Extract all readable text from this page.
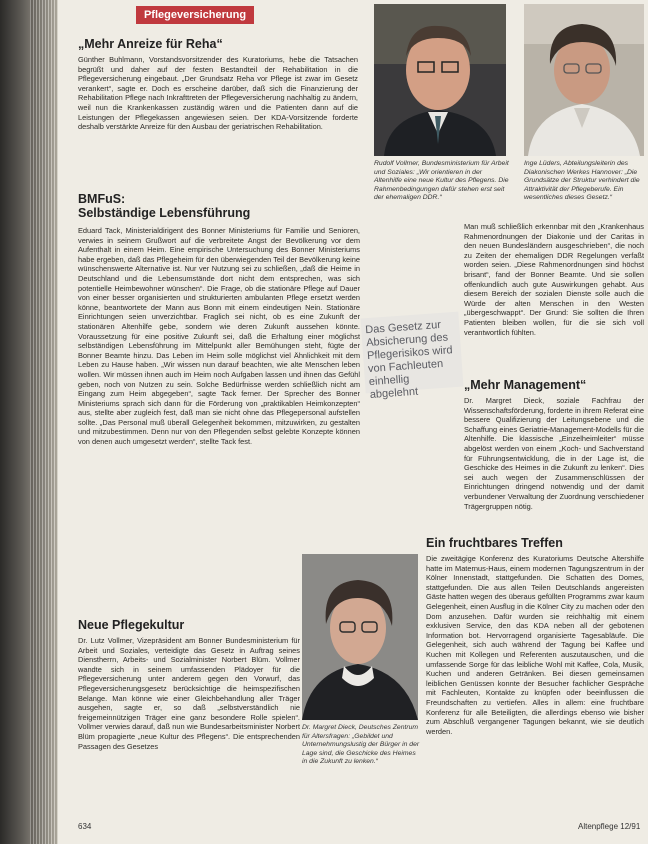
Pflegeversicherung
„Mehr Anreize für Reha“

Günther Buhlmann, Vorstandsvorsitzender des Kuratoriums, hebe die Tatsachen begrüßt und daher auf der festen Bestandteil der Rehabilitation in die Pflegeversicherung eingebaut. „Der Grundsatz Reha vor Pflege ist zwar im Gesetz verankert“, sagte er. Doch es erscheine darüber, daß sich die Finanzierung der Rehabilitation Pflege nach Inkrafttreten der Pflegeversicherung nachhaltig zu ändern, weil nun die Krankenkassen zuständig wären und die Patienten dann auf die Leistungen der Pflegekassen angewiesen seien. Der KDA-Vorsitzende forderte deshalb verstärkte Anreize für den Ausbau der geriatrischen Rehabilitation.

BMFuS:
Selbständige Lebensführung

Eduard Tack, Ministerialdirigent des Bonner Ministeriums für Familie und Senioren, verwies in seinem Grußwort auf die verbreitete Angst der Bevölkerung vor dem Aufenthalt in einem Heim. Eine empirische Untersuchung des Bonner Ministeriums habe ergeben, daß das Pflegeheim für den überwiegenden Teil der Bevölkerung keine wünschenswerte Alternative ist. Nur ver Nutzung sei zu schließen, „daß die Heime in Deutschland und die Lebensumstände dort nicht dem entsprechen, was sich potentielle Heimbewohner wünschen“. Die Frage, ob die stationäre Pflege auf Dauer von einer besser organisierten und strukturierten ambulanten Pflege ersetzt werden könne, beantwortete der Mann aus Bonn mit einem eindeutigen Nein. Stationäre Einrichtungen seien unverzichtbar. Fraglich sei nicht, ob es eine Zukunft der stationären Altenhilfe gebe, sondern wie deren Zukunft aussehen könnte. Voraussetzung für eine positive Zukunft sei, daß die Erhaltung einer möglichst selbständigen Lebensführung im Mittelpunkt aller Bemühungen steht, fügte der Bonner Beamte hinzu. Das Leben im Heim solle möglichst viel Ähnlichkeit mit dem Leben zu Hause haben. „Wir wissen nun darauf beachten, wie alte Menschen leben wollen. Wir müssen ihnen auch im Heim noch Aufgaben lassen und ihnen das Gefühl geben, noch von Nutzen zu sein. Solche Bedürfnisse werden schließlich nicht am Eingang zum Heim abgegeben“, sagte Tack ferner. Der Sprecher des Bonner Ministeriums sprach sich dann für die Förderung von „praktikablen Heimkonzepten“ aus, stellte aber zugleich fest, daß man sie nicht ohne das Pflegepersonal aufstellen sollte. „Das Personal muß überall Gelegenheit bekommen, mitzuwirken, zu gestalten und mitzubestimmen. Denn nur von den Pflegenden selbst gelebte Konzepte können von denen auch umgesetzt werden“, stellte Tack fest.

Neue Pflegekultur

Dr. Lutz Vollmer, Vizepräsident am Bonner Bundesministerium für Arbeit und Soziales, verteidigte das Gesetz in Auftrag seines Dienstherrn, Arbeits- und Sozialminister Norbert Blüm. Vollmer wandte sich in seinem umfassenden Plädoyer für die Pflegeversicherung unter anderem gegen den Vorwurf, das Pflegeversicherungsgesetz berücksichtige die heimspezifischen Belange. Man könne wie einer Gleichbehandlung aller Träger ausgehen, sagte er, so daß „selbstverständlich nie freigemeinnützigen Träger eine ganz besondere Rolle spielen“. Vollmer verwies darauf, daß nun wie Bundesarbeitsminister Norbert Blüm propagierte „neue Kultur des Pflegens“. Die entsprechenden Passagen des Gesetzes

Rudolf Vollmer, Bundesministerium für Arbeit und Soziales: „Wir orientieren in der Altenhilfe eine neue Kultur des Pflegens. Die Rahmenbedingungen dafür stehen erst seit der ehemaligen DDR.“
Inge Lüders, Abteilungsleiterin des Diakonischen Werkes Hannover: „Die Grundsätze der Struktur verhindert die Attraktivität der Pflegeberufe. Ein wesentliches dieses Gesetz.“

Man muß schließlich erkennbar mit den „Krankenhaus Rahmenordnungen der Diakonie und der Caritas in den neuen Bundesländern ausgeschrieben“, die noch zu Zeiten der ehemaligen DDR Regelungen verfaßt worden seien. „Diese Rahmenordnungen sind höchst brisant“, fand der Bonner Beamte. Und sie sollen offenkundlich auch gute Auswirkungen gehabt. Aus diesem Bereich der sozialen Dienste solle auch die Würde der alten Menschen in den Westen „übergeschwappt“. Der Grund: Sie sollten die Ihren Patienten bleiben wollen, für die sie sich voll verantwortlich fühlten.

Das Gesetz zur Absicherung des Pflegerisikos wird von Fachleuten einhellig abgelehnt
„Mehr Management“

Dr. Margret Dieck, soziale Fachfrau der Wissenschaftsförderung, forderte in ihrem Referat eine bessere Qualifizierung der Leitungsebene und die Schaffung eines Geriatrie-Management-Modells für die Altenhilfe. Die klassische „Einzelheimleiter“ müsse abgelöst werden von einem „Koch- und Sachverstand für Führungsentwicklung, die in der Lage ist, die Geschicke des Heimes in die Zukunft zu lenken“. Dies sei auch wegen der Zusammenschlüssen der Einrichtungen dringend notwendig und der damit verbundener Verwaltung der Zuordnung verschiedener Trägergruppen nötig.

Ein fruchtbares Treffen

Die zweitägige Konferenz des Kuratoriums Deutsche Altershilfe hatte im Maternus-Haus, einem modernen Tagungszentrum in der Kölner Innenstadt, stattgefunden. Die Schatten des Domes, stattgefunden. Die aus allen Teilen Deutschlands angereisten Gäste hatten wegen des überaus gefüllten Programms zwar kaum Gelegenheit, einen Ausflug in die Kölner City zu machen oder den Dom anzusehen. Dafür wurden sie reichhaltig mit einem exklusiven Service, den das KDA neben all der gebotenen Information bot. Hervorragend organisierte Tagesabläufe. Die Gelegenheit, sich auch während der Tagung bei Kaffee und Kuchen mit Kollegen und Referenten auszutauschen, und die umfassende Sorge für das leibliche Wohl mit Kaffee, Cola, Musik, Kuchen und anderen Getränken. Bei diesen gemeinsamen leiblichen Genüssen konnte der Besucher fachlicher Gespräche mit Fachleuten, Kontakte zu knüpfen oder beeinflussen die Freundschaften zu vertiefen. Alles in allem: eine fruchtbare Konferenz für alle Beteiligten, die allerdings ebenso wie bisher zum Abschluß vergangener Tagungen bekannt, wie sie deutlich werden.

Dr. Margret Dieck, Deutsches Zentrum für Altersfragen: „Gebildet und Unternehmungslustig der Bürger in der Lage sind, die Geschicke des Heimes in die Zukunft zu lenken.“
634	Altenpflege 12/91
